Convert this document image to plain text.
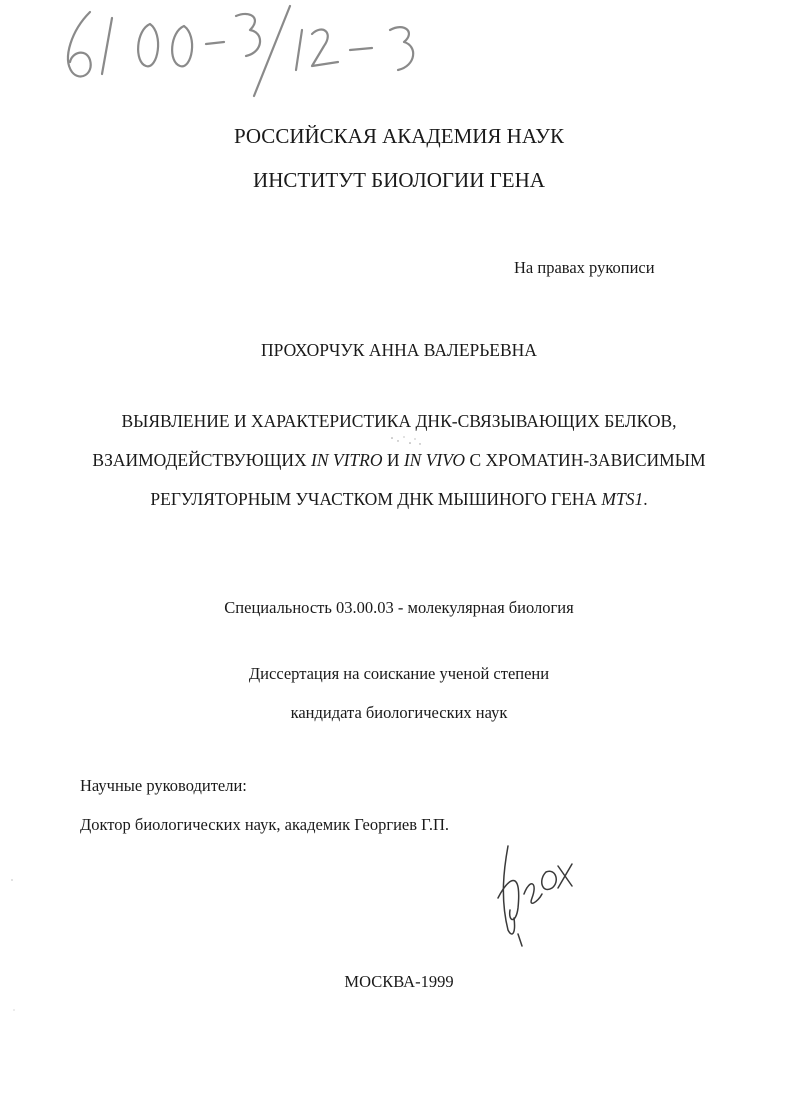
РОССИЙСКАЯ АКАДЕМИЯ НАУК
ИНСТИТУТ БИОЛОГИИ ГЕНА
На правах рукописи
ПРОХОРЧУК АННА ВАЛЕРЬЕВНА
ВЫЯВЛЕНИЕ И ХАРАКТЕРИСТИКА ДНК-СВЯЗЫВАЮЩИХ БЕЛКОВ,
ВЗАИМОДЕЙСТВУЮЩИХ IN VITRO И IN VIVO С ХРОМАТИН-ЗАВИСИМЫМ
РЕГУЛЯТОРНЫМ УЧАСТКОМ ДНК МЫШИНОГО ГЕНА MTS1.
Специальность 03.00.03 - молекулярная биология
Диссертация на соискание ученой степени
кандидата биологических наук
Научные руководители:
Доктор биологических наук, академик Георгиев Г.П.
МОСКВА-1999
